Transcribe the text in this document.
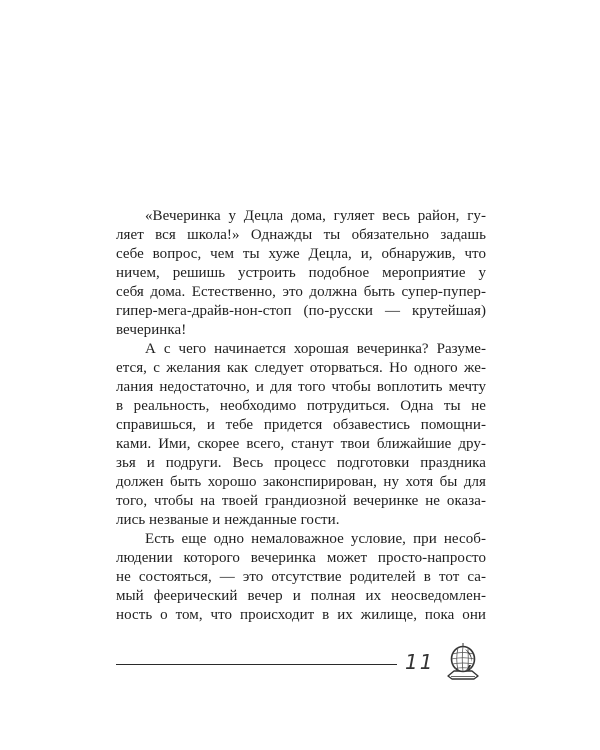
«Вечеринка у Децла дома, гуляет весь район, гу-
ляет вся школа!» Однажды ты обязательно задашь
себе вопрос, чем ты хуже Децла, и, обнаружив, что
ничем, решишь устроить подобное мероприятие у
себя дома. Естественно, это должна быть супер-пупер-
гипер-мега-драйв-нон-стоп (по-русски — крутейшая)
вечеринка!
А с чего начинается хорошая вечеринка? Разуме-
ется, с желания как следует оторваться. Но одного же-
лания недостаточно, и для того чтобы воплотить мечту
в реальность, необходимо потрудиться. Одна ты не
справишься, и тебе придется обзавестись помощни-
ками. Ими, скорее всего, станут твои ближайшие дру-
зья и подруги. Весь процесс подготовки праздника
должен быть хорошо законспирирован, ну хотя бы для
того, чтобы на твоей грандиозной вечеринке не оказа-
лись незваные и нежданные гости.
Есть еще одно немаловажное условие, при несоб-
людении которого вечеринка может просто-напросто
не состояться, — это отсутствие родителей в тот са-
мый феерический вечер и полная их неосведомлен-
ность о том, что происходит в их жилище, пока они
11
